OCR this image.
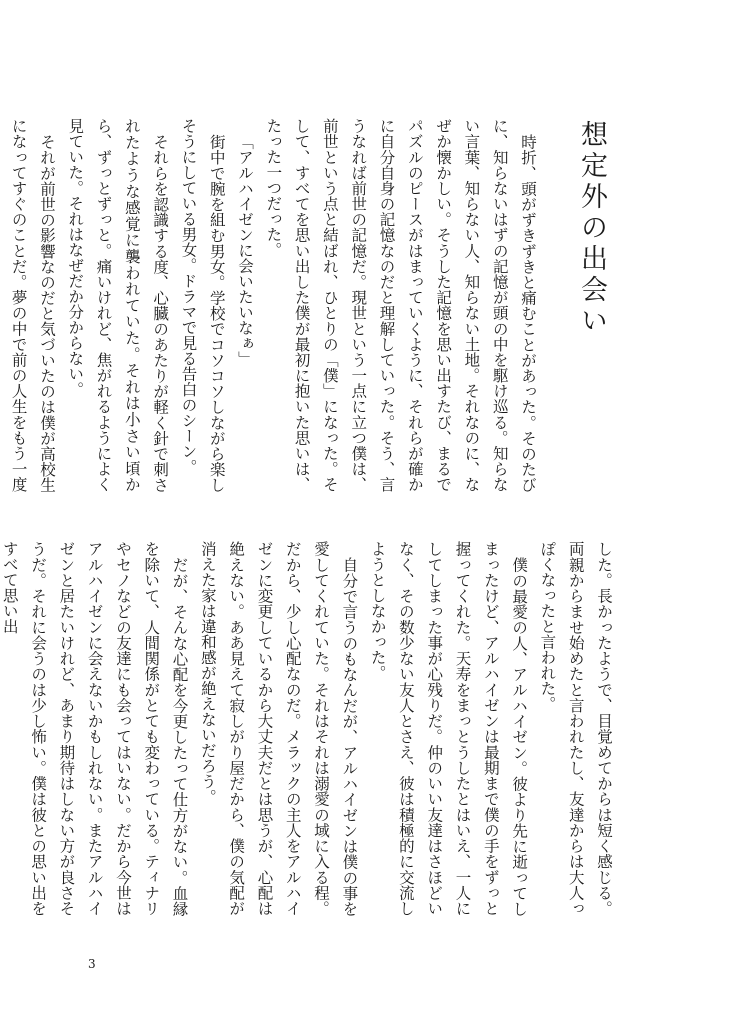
想定外の出会い

時折、頭がずきずきと痛むことがあった。そのたびに、知らないはずの記憶が頭の中を駆け巡る。知らない言葉、知らない人、知らない土地。それなのに、なぜか懐かしい。そうした記憶を思い出すたび、まるでパズルのピースがはまっていくように、それらが確かに自分自身の記憶なのだと理解していった。そう、言うなれば前世の記憶だ。現世という一点に立つ僕は、前世という点と結ばれ、ひとりの「僕」になった。そして、すべてを思い出した僕が最初に抱いた思いは、たった一つだった。

「アルハイゼンに会いたいなぁ」

街中で腕を組む男女。学校でコソコソしながら楽しそうにしている男女。ドラマで見る告白のシーン。

それらを認識する度、心臓のあたりが軽く針で刺されたような感覚に襲われていた。それは小さい頃から、ずっとずっと。痛いけれど、焦がれるようによく見ていた。それはなぜだか分からない。

それが前世の影響なのだと気づいたのは僕が高校生になってすぐのことだ。夢の中で前の人生をもう一度

した。長かったようで、目覚めてからは短く感じる。両親からませ始めたと言われたし、友達からは大人っぽくなったと言われた。

僕の最愛の人、アルハイゼン。彼より先に逝ってしまったけど、アルハイゼンは最期まで僕の手をずっと握ってくれた。天寿をまっとうしたとはいえ、一人にしてしまった事が心残りだ。仲のいい友達はさほどいなく、その数少ない友人とさえ、彼は積極的に交流しようとしなかった。

自分で言うのもなんだが、アルハイゼンは僕の事を愛してくれていた。それはそれは溺愛の域に入る程。だから、少し心配なのだ。メラックの主人をアルハイゼンに変更しているから大丈夫だとは思うが、心配は絶えない。ああ見えて寂しがり屋だから、僕の気配が消えた家は違和感が絶えないだろう。

だが、そんな心配を今更したって仕方がない。血縁を除いて、人間関係がとても変わっている。ティナリやセノなどの友達にも会ってはいない。だから今世はアルハイゼンに会えないかもしれない。またアルハイゼンと居たいけれど、あまり期待はしない方が良さそうだ。それに会うのは少し怖い。僕は彼との思い出をすべて思い出

3
